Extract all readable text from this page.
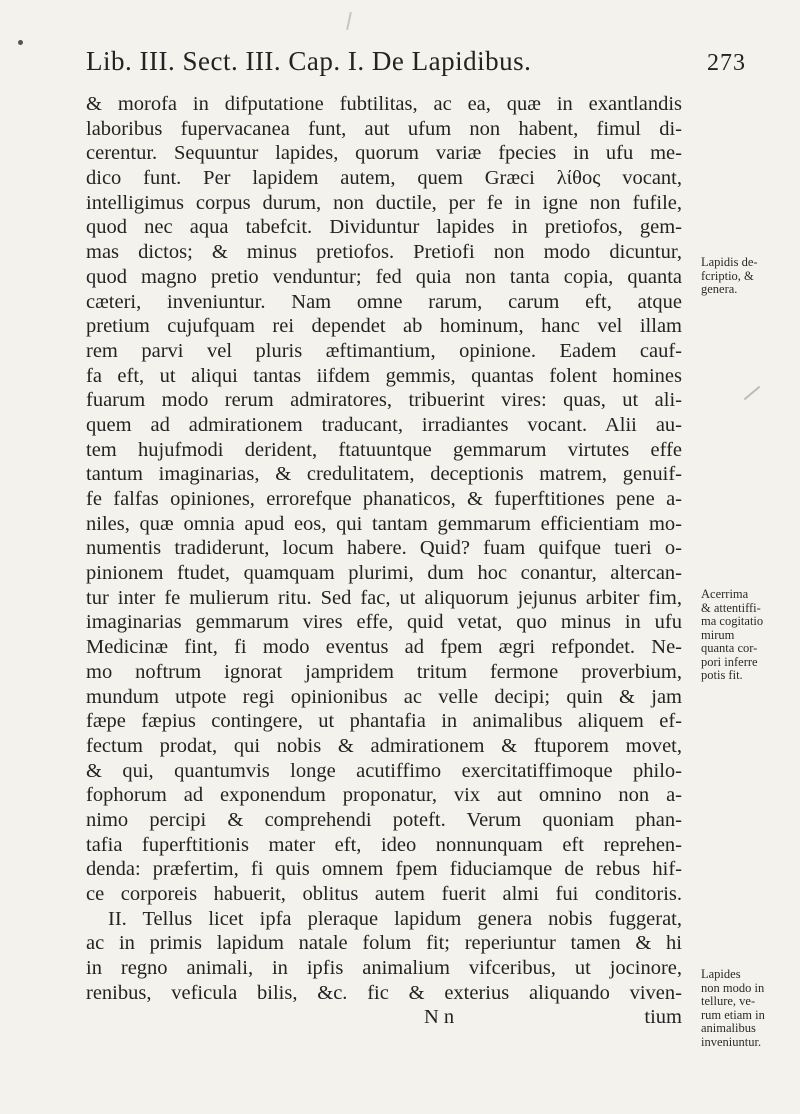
Lib. III. Sect. III. Cap. I. De Lapidibus.	273
& morofa in difputatione fubtilitas, ac ea, quæ in exantlandis
laboribus fupervacanea funt, aut ufum non habent, fimul di-
cerentur. Sequuntur lapides, quorum variæ fpecies in ufu me-
dico funt. Per lapidem autem, quem Græci λίθος vocant,
intelligimus corpus durum, non ductile, per fe in igne non fufile,
quod nec aqua tabefcit. Dividuntur lapides in pretiofos, gem-
mas dictos; & minus pretiofos. Pretiofi non modo dicuntur,
quod magno pretio venduntur; fed quia non tanta copia, quanta
cæteri, inveniuntur. Nam omne rarum, carum eft, atque
pretium cujufquam rei dependet ab hominum, hanc vel illam
rem parvi vel pluris æftimantium, opinione. Eadem cauf-
fa eft, ut aliqui tantas iifdem gemmis, quantas folent homines
fuarum modo rerum admiratores, tribuerint vires: quas, ut ali-
quem ad admirationem traducant, irradiantes vocant. Alii au-
tem hujufmodi derident, ftatuuntque gemmarum virtutes effe
tantum imaginarias, & credulitatem, deceptionis matrem, genuif-
fe falfas opiniones, errorefque phanaticos, & fuperftitiones pene a-
niles, quæ omnia apud eos, qui tantam gemmarum efficientiam mo-
numentis tradiderunt, locum habere. Quid? fuam quifque tueri o-
pinionem ftudet, quamquam plurimi, dum hoc conantur, altercan-
tur inter fe mulierum ritu. Sed fac, ut aliquorum jejunus arbiter fim,
imaginarias gemmarum vires effe, quid vetat, quo minus in ufu
Medicinæ fint, fi modo eventus ad fpem ægri refpondet. Ne-
mo noftrum ignorat jampridem tritum fermone proverbium,
mundum utpote regi opinionibus ac velle decipi; quin & jam
fæpe fæpius contingere, ut phantafia in animalibus aliquem ef-
fectum prodat, qui nobis & admirationem & ftuporem movet,
& qui, quantumvis longe acutiffimo exercitatiffimoque philo-
fophorum ad exponendum proponatur, vix aut omnino non a-
nimo percipi & comprehendi poteft. Verum quoniam phan-
tafia fuperftitionis mater eft, ideo nonnunquam eft reprehen-
denda: præfertim, fi quis omnem fpem fiduciamque de rebus hif-
ce corporeis habuerit, oblitus autem fuerit almi fui conditoris.
II. Tellus licet ipfa pleraque lapidum genera nobis fuggerat,
ac in primis lapidum natale folum fit; reperiuntur tamen & hi
in regno animali, in ipfis animalium vifceribus, ut jocinore,
renibus, veficula bilis, &c. fic & exterius aliquando viven-
N n	tium
Lapidis de-
fcriptio, &
genera.
Acerrima
& attentiffi-
ma cogitatio
mirum
quanta cor-
pori inferre
potis fit.
Lapides
non modo in
tellure, ve-
rum etiam in
animalibus
inveniuntur.
